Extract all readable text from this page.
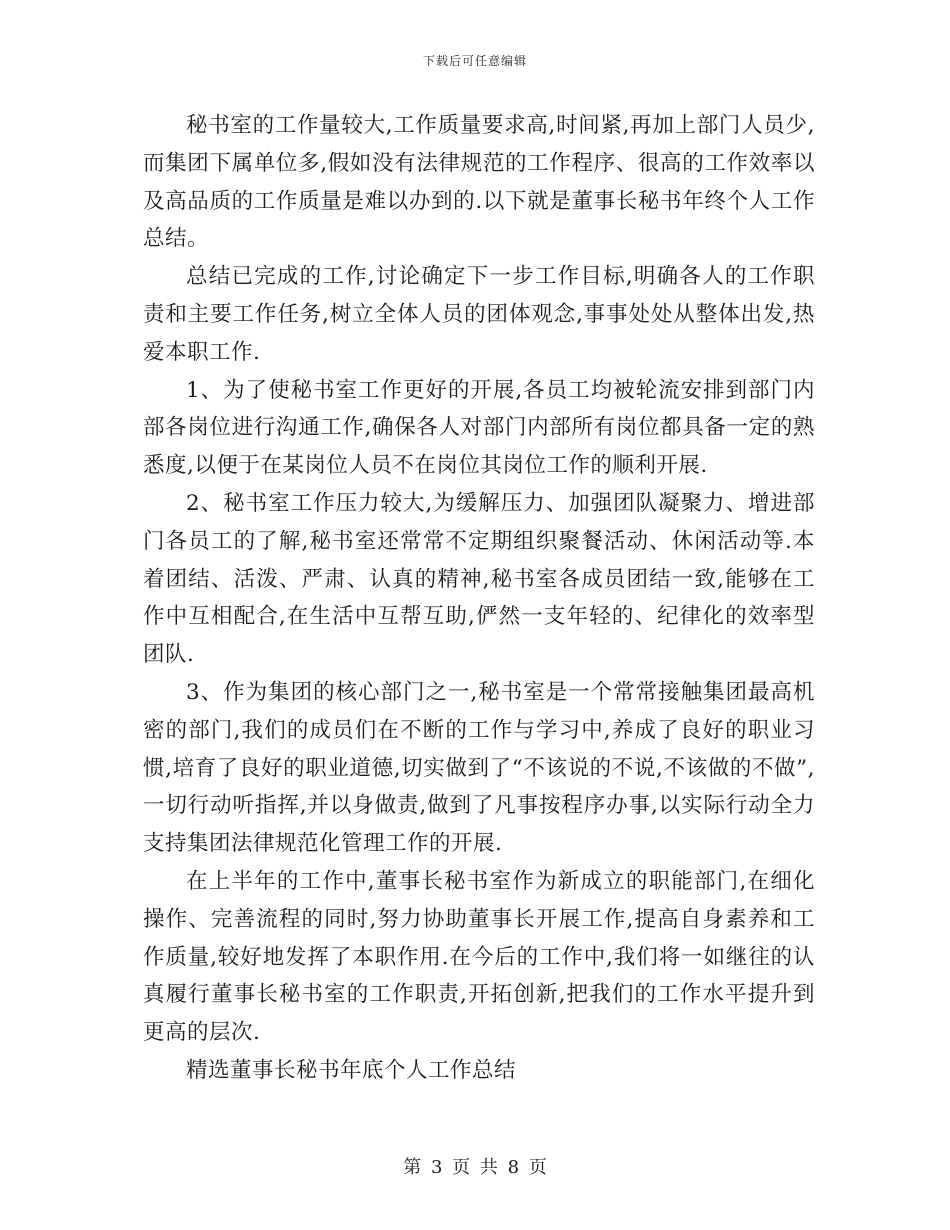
下载后可任意编辑

秘书室的工作量较大,工作质量要求高,时间紧,再加上部门人员少,而集团下属单位多,假如没有法律规范的工作程序、很高的工作效率以及高品质的工作质量是难以办到的.以下就是董事长秘书年终个人工作总结。

总结已完成的工作,讨论确定下一步工作目标,明确各人的工作职责和主要工作任务,树立全体人员的团体观念,事事处处从整体出发,热爱本职工作.

1、为了使秘书室工作更好的开展,各员工均被轮流安排到部门内部各岗位进行沟通工作,确保各人对部门内部所有岗位都具备一定的熟悉度,以便于在某岗位人员不在岗位其岗位工作的顺利开展.

2、秘书室工作压力较大,为缓解压力、加强团队凝聚力、增进部门各员工的了解,秘书室还常常不定期组织聚餐活动、休闲活动等.本着团结、活泼、严肃、认真的精神,秘书室各成员团结一致,能够在工作中互相配合,在生活中互帮互助,俨然一支年轻的、纪律化的效率型团队.

3、作为集团的核心部门之一,秘书室是一个常常接触集团最高机密的部门,我们的成员们在不断的工作与学习中,养成了良好的职业习惯,培育了良好的职业道德,切实做到了“不该说的不说,不该做的不做”,一切行动听指挥,并以身做责,做到了凡事按程序办事,以实际行动全力支持集团法律规范化管理工作的开展.

在上半年的工作中,董事长秘书室作为新成立的职能部门,在细化操作、完善流程的同时,努力协助董事长开展工作,提高自身素养和工作质量,较好地发挥了本职作用.在今后的工作中,我们将一如继往的认真履行董事长秘书室的工作职责,开拓创新,把我们的工作水平提升到更高的层次.

精选董事长秘书年底个人工作总结

第 3 页 共 8 页
